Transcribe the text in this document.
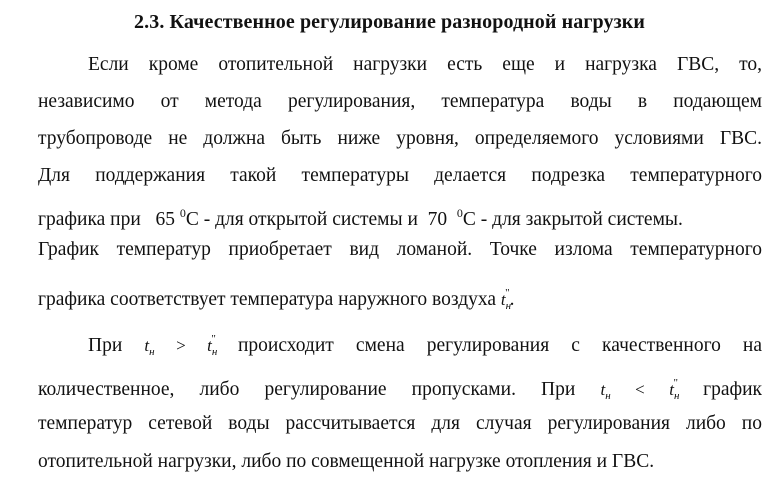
2.3. Качественное регулирование разнородной нагрузки
Если кроме отопительной нагрузки есть еще и нагрузка ГВС, то,
независимо от метода регулирования, температура воды в подающем
трубопроводе не должна быть ниже уровня, определяемого условиями ГВС.
Для поддержания такой температуры делается подрезка температурного
графика при 65 $^0$С - для открытой системы и 70 $^0$С - для закрытой системы.
График температур приобретает вид ломаной. Точке излома температурного
графика соответствует температура наружного воздуха $t_н^"$.
При $t_н > t_н^"$ происходит смена регулирования с качественного на
количественное, либо регулирование пропусками. При $t_н < t_н^"$ график
температур сетевой воды рассчитывается для случая регулирования либо по
отопительной нагрузки, либо по совмещенной нагрузке отопления и ГВС.
